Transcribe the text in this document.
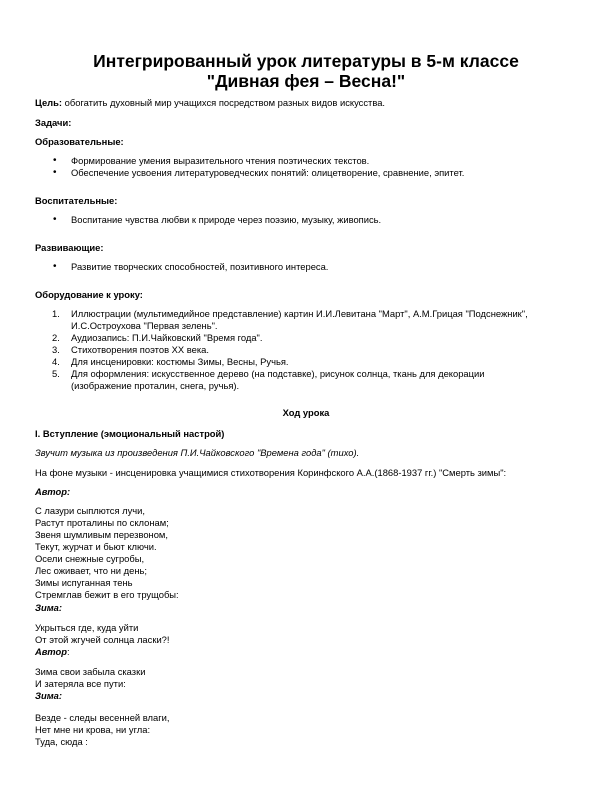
Интегрированный урок литературы в 5-м классе
"Дивная фея – Весна!"

Цель: обогатить духовный мир учащихся посредством разных видов искусства.

Задачи:

Образовательные:

• Формирование умения выразительного чтения поэтических текстов.
• Обеспечение усвоения литературоведческих понятий: олицетворение, сравнение, эпитет.

Воспитательные:

• Воспитание чувства любви к природе через поэзию, музыку, живопись.

Развивающие:

• Развитие творческих способностей, позитивного интереса.

Оборудование к уроку:

1. Иллюстрации (мультимедийное представление) картин И.И.Левитана "Март", А.М.Грицая "Подснежник",
И.С.Остроухова "Первая зелень".
2. Аудиозапись: П.И.Чайковский "Время года".
3. Стихотворения поэтов ХХ века.
4. Для инсценировки: костюмы Зимы, Весны, Ручья.
5. Для оформления: искусственное дерево (на подставке), рисунок солнца, ткань для декорации
(изображение проталин, снега, ручья).

Ход урока

I. Вступление (эмоциональный настрой)

Звучит музыка из произведения П.И.Чайковского "Времена года" (тихо).

На фоне музыки - инсценировка учащимися стихотворения Коринфского А.А.(1868-1937 гг.) "Смерть зимы":

Автор:

С лазури сыплются лучи,
Растут проталины по склонам;
Звеня шумливым перезвоном,
Текут, журчат и бьют ключи.
Осели снежные сугробы,
Лес оживает, что ни день;
Зимы испуганная тень
Стремглав бежит в его трущобы:

Зима:

Укрыться где, куда уйти
От этой жгучей солнца ласки?!

Автор:

Зима свои забыла сказки
И затеряла все пути:

Зима:

Везде - следы весенней влаги,
Нет мне ни крова, ни угла:
Туда, сюда :
